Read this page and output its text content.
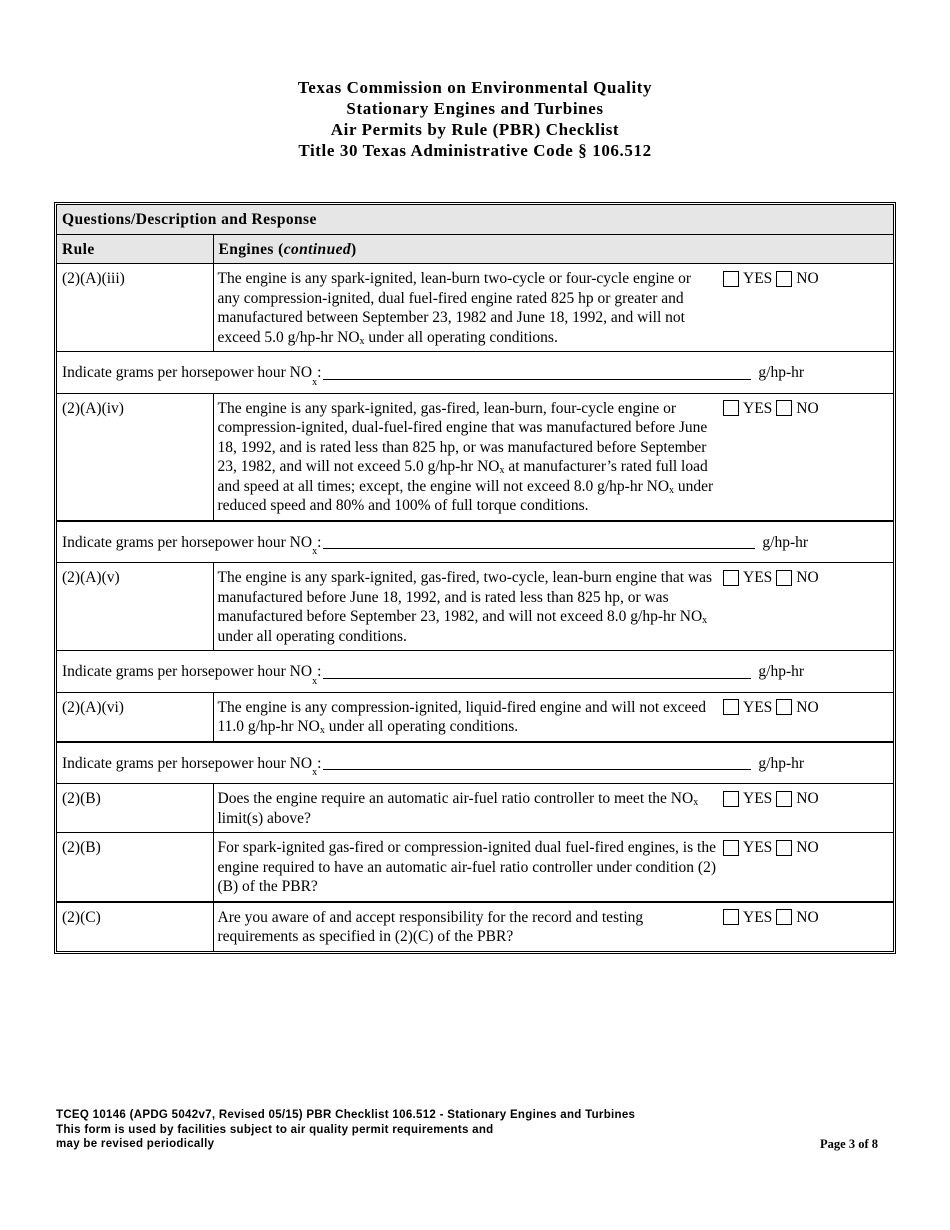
Texas Commission on Environmental Quality
Stationary Engines and Turbines
Air Permits by Rule (PBR) Checklist
Title 30 Texas Administrative Code § 106.512
Questions/Description and Response		
Rule	Engines (continued)	
(2)(A)(iii)	The engine is any spark-ignited, lean-burn two-cycle or four-cycle engine or any compression-ignited, dual fuel-fired engine rated 825 hp or greater and manufactured between September 23, 1982 and June 18, 1992, and will not exceed 5.0 g/hp-hr $NO_x$ under all operating conditions.	YES NO

Indicate grams per horsepower hour NO
x
: g/hp-hr		

(2)(A)(iv)	The engine is any spark-ignited, gas-fired, lean-burn, four-cycle engine or compression-ignited, dual-fuel-fired engine that was manufactured before June 18, 1992, and is rated less than 825 hp, or was manufactured before September 23, 1982, and will not exceed 5.0 g/hp-hr $NO_x$ at manufacturer’s rated full load and speed at all times; except, the engine will not exceed 8.0 g/hp-hr $NO_x$ under reduced speed and 80% and 100% of full torque conditions.	YES NO

Indicate grams per horsepower hour NO
x
: g/hp-hr		

(2)(A)(v)	The engine is any spark-ignited, gas-fired, two-cycle, lean-burn engine that was manufactured before June 18, 1992, and is rated less than 825 hp, or was manufactured before September 23, 1982, and will not exceed 8.0 g/hp-hr $NO_x$ under all operating conditions.	YES NO

Indicate grams per horsepower hour NO
x
: g/hp-hr		

(2)(A)(vi)	The engine is any compression-ignited, liquid-fired engine and will not exceed 11.0 g/hp-hr $NO_x$ under all operating conditions.	YES NO

Indicate grams per horsepower hour NO
x
: g/hp-hr		

(2)(B)	Does the engine require an automatic air-fuel ratio controller to meet the $NO_x$ limit(s) above?	YES NO

(2)(B)	For spark-ignited gas-fired or compression-ignited dual fuel-fired engines, is the engine required to have an automatic air-fuel ratio controller under condition (2)(B) of the PBR?	YES NO

(2)(C)	Are you aware of and accept responsibility for the record and testing requirements as specified in (2)(C) of the PBR?	YES NO
TCEQ 10146 (APDG 5042v7, Revised 05/15) PBR Checklist 106.512 - Stationary Engines and Turbines
This form is used by facilities subject to air quality permit requirements and
may be revised periodically	Page 3 of 8
